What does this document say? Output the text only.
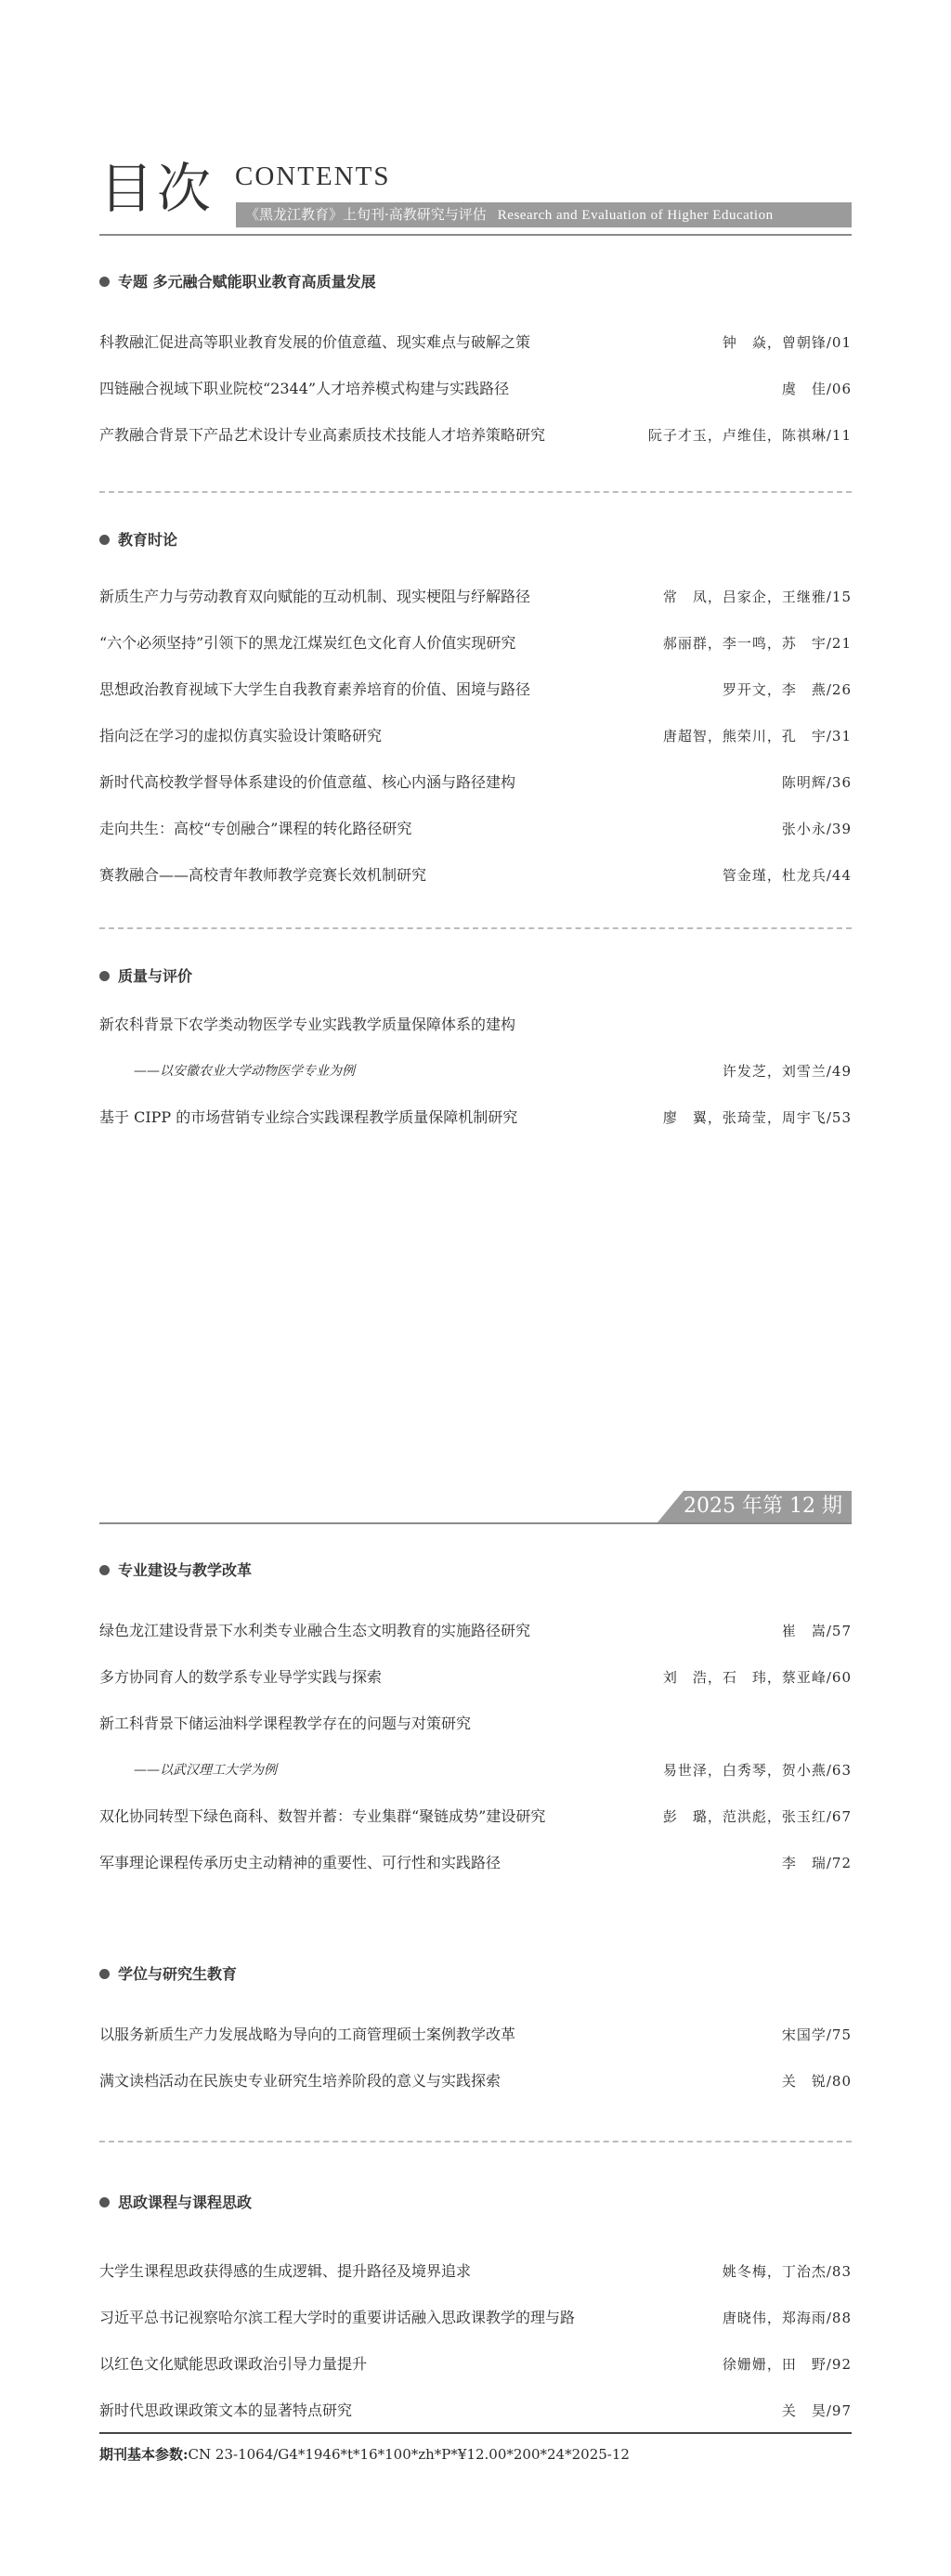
目次 CONTENTS
《黑龙江教育》上旬刊·高教研究与评估 Research and Evaluation of Higher Education
专题 多元融合赋能职业教育高质量发展
科教融汇促进高等职业教育发展的价值意蕴、现实难点与破解之策	钟　焱，曾朝锋/01
四链融合视域下职业院校“2344”人才培养模式构建与实践路径	虞　佳/06
产教融合背景下产品艺术设计专业高素质技术技能人才培养策略研究	阮子才玉，卢维佳，陈祺琳/11
教育时论
新质生产力与劳动教育双向赋能的互动机制、现实梗阻与纾解路径	常　凤，吕家企，王继雅/15
“六个必须坚持”引领下的黑龙江煤炭红色文化育人价值实现研究	郝丽群，李一鸣，苏　宇/21
思想政治教育视域下大学生自我教育素养培育的价值、困境与路径	罗开文，李　燕/26
指向泛在学习的虚拟仿真实验设计策略研究	唐超智，熊荣川，孔　宇/31
新时代高校教学督导体系建设的价值意蕴、核心内涵与路径建构	陈明辉/36
走向共生：高校“专创融合”课程的转化路径研究	张小永/39
赛教融合——高校青年教师教学竞赛长效机制研究	管金瑾，杜龙兵/44
质量与评价
新农科背景下农学类动物医学专业实践教学质量保障体系的建构
——以安徽农业大学动物医学专业为例	许发芝，刘雪兰/49
基于 CIPP 的市场营销专业综合实践课程教学质量保障机制研究	廖　翼，张琦莹，周宇飞/53
2025 年第 12 期
专业建设与教学改革
绿色龙江建设背景下水利类专业融合生态文明教育的实施路径研究	崔　嵩/57
多方协同育人的数学系专业导学实践与探索	刘　浩，石　玮，蔡亚峰/60
新工科背景下储运油料学课程教学存在的问题与对策研究
——以武汉理工大学为例	易世泽，白秀琴，贺小燕/63
双化协同转型下绿色商科、数智并蓄：专业集群“聚链成势”建设研究	彭　璐，范洪彪，张玉红/67
军事理论课程传承历史主动精神的重要性、可行性和实践路径	李　瑞/72
学位与研究生教育
以服务新质生产力发展战略为导向的工商管理硕士案例教学改革	宋国学/75
满文读档活动在民族史专业研究生培养阶段的意义与实践探索	关　锐/80
思政课程与课程思政
大学生课程思政获得感的生成逻辑、提升路径及境界追求	姚冬梅，丁治杰/83
习近平总书记视察哈尔滨工程大学时的重要讲话融入思政课教学的理与路	唐晓伟，郑海雨/88
以红色文化赋能思政课政治引导力量提升	徐姗姗，田　野/92
新时代思政课政策文本的显著特点研究	关　昊/97
期刊基本参数:CN 23-1064/G4*1946*t*16*100*zh*P*¥12.00*200*24*2025-12
